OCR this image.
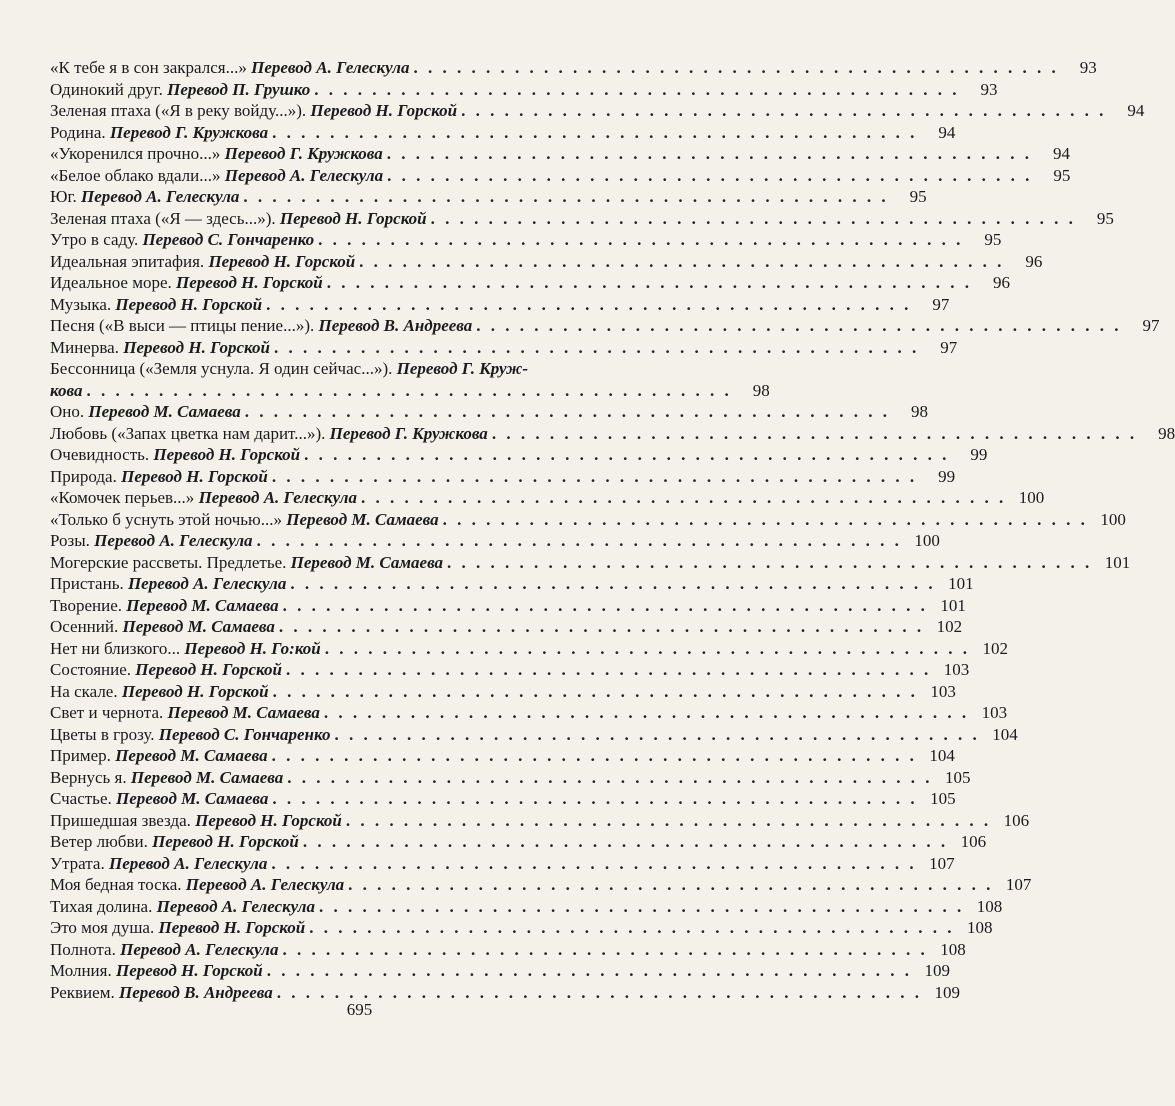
«К тебе я в сон закрался...» Перевод А. Гелескула . . .	93
Одинокий друг. Перевод П. Грушко . . .	93
Зеленая птаха («Я в реку войду...»). Перевод Н. Горской . . .	94
Родина. Перевод Г. Кружкова . . .	94
«Укоренился прочно...» Перевод Г. Кружкова . . .	94
«Белое облако вдали...» Перевод А. Гелескула . . .	95
Юг. Перевод А. Гелескула . . .	95
Зеленая птаха («Я — здесь...»). Перевод Н. Горской . . .	95
Утро в саду. Перевод С. Гончаренко . . .	95
Идеальная эпитафия. Перевод Н. Горской . . .	96
Идеальное море. Перевод Н. Горской . . .	96
Музыка. Перевод Н. Горской . . .	97
Песня («В выси — птицы пение...»). Перевод В. Андреева . . .	97
Минерва. Перевод Н. Горской . . .	97
Бессонница («Земля уснула. Я один сейчас...»). Перевод Г. Круж-
кова . . .	98
Оно. Перевод М. Самаева . . .	98
Любовь («Запах цветка нам дарит...»). Перевод Г. Кружкова . . .	98
Очевидность. Перевод Н. Горской . . .	99
Природа. Перевод Н. Горской . . .	99
«Комочек перьев...» Перевод А. Гелескула . . .	100
«Только б уснуть этой ночью...» Перевод М. Самаева . . .	100
Розы. Перевод А. Гелескула . . .	100
Могерские рассветы. Предлетье. Перевод М. Самаева . . .	101
Пристань. Перевод А. Гелескула . . .	101
Творение. Перевод М. Самаева . . .	101
Осенний. Перевод М. Самаева . . .	102
Нет ни близкого... Перевод Н. Го:кой . . .	102
Состояние. Перевод Н. Горской . . .	103
На скале. Перевод Н. Горской . . .	103
Свет и чернота. Перевод М. Самаева . . .	103
Цветы в грозу. Перевод С. Гончаренко . . .	104
Пример. Перевод М. Самаева . . .	104
Вернусь я. Перевод М. Самаева . . .	105
Счастье. Перевод М. Самаева . . .	105
Пришедшая звезда. Перевод Н. Горской . . .	106
Ветер любви. Перевод Н. Горской . . .	106
Утрата. Перевод А. Гелескула . . .	107
Моя бедная тоска. Перевод А. Гелескула . . .	107
Тихая долина. Перевод А. Гелескула . . .	108
Это моя душа. Перевод Н. Горской . . .	108
Полнота. Перевод А. Гелескула . . .	108
Молния. Перевод Н. Горской . . .	109
Реквием. Перевод В. Андреева . . .	109
695
